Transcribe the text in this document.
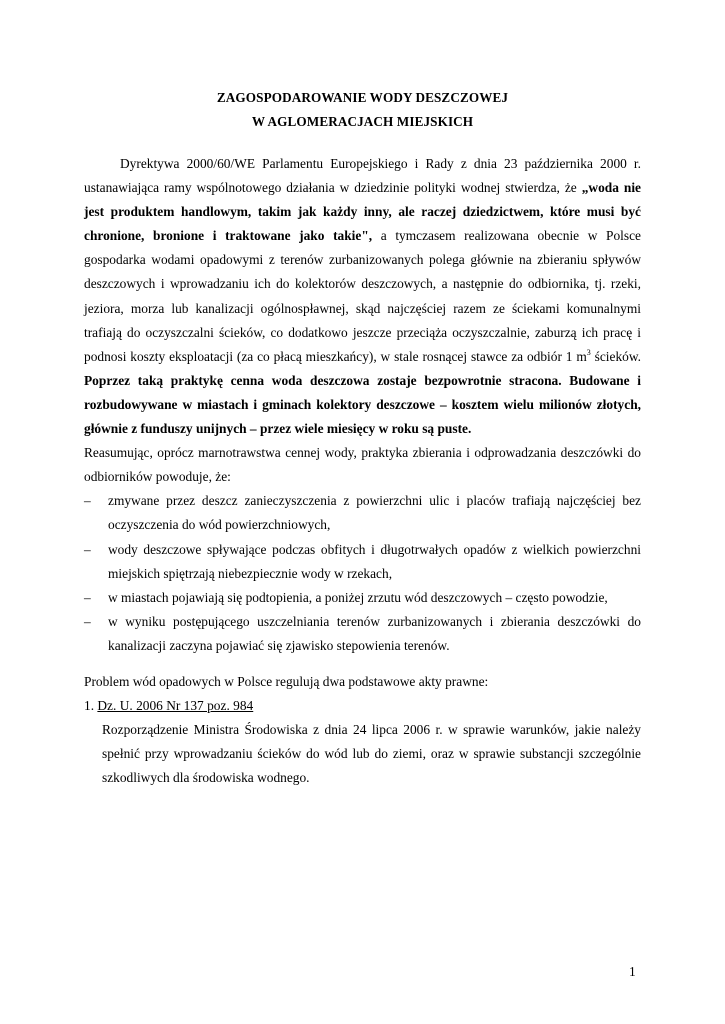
ZAGOSPODAROWANIE WODY DESZCZOWEJ
W AGLOMERACJACH MIEJSKICH

Dyrektywa 2000/60/WE Parlamentu Europejskiego i Rady z dnia 23 października 2000 r. ustanawiająca ramy wspólnotowego działania w dziedzinie polityki wodnej stwierdza, że „woda nie jest produktem handlowym, takim jak każdy inny, ale raczej dziedzictwem, które musi być chronione, bronione i traktowane jako takie", a tymczasem realizowana obecnie w Polsce gospodarka wodami opadowymi z terenów zurbanizowanych polega głównie na zbieraniu spływów deszczowych i wprowadzaniu ich do kolektorów deszczowych, a następnie do odbiornika, tj. rzeki, jeziora, morza lub kanalizacji ogólnospławnej, skąd najczęściej razem ze ściekami komunalnymi trafiają do oczyszczalni ścieków, co dodatkowo jeszcze przeciąża oczyszczalnie, zaburzą ich pracę i podnosi koszty eksploatacji (za co płacą mieszkańcy), w stale rosnącej stawce za odbiór 1 $m^3$ ścieków. Poprzez taką praktykę cenna woda deszczowa zostaje bezpowrotnie stracona. Budowane i rozbudowywane w miastach i gminach kolektory deszczowe – kosztem wielu milionów złotych, głównie z funduszy unijnych – przez wiele miesięcy w roku są puste.

Reasumując, oprócz marnotrawstwa cennej wody, praktyka zbierania i odprowadzania deszczówki do odbiorników powoduje, że:

– zmywane przez deszcz zanieczyszczenia z powierzchni ulic i placów trafiają najczęściej bez oczyszczenia do wód powierzchniowych,
– wody deszczowe spływające podczas obfitych i długotrwałych opadów z wielkich powierzchni miejskich spiętrzają niebezpiecznie wody w rzekach,
– w miastach pojawiają się podtopienia, a poniżej zrzutu wód deszczowych – często powodzie,
– w wyniku postępującego uszczelniania terenów zurbanizowanych i zbierania deszczówki do kanalizacji zaczyna pojawiać się zjawisko stepowienia terenów.

Problem wód opadowych w Polsce regulują dwa podstawowe akty prawne:

1. Dz. U. 2006 Nr 137 poz. 984

Rozporządzenie Ministra Środowiska z dnia 24 lipca 2006 r. w sprawie warunków, jakie należy spełnić przy wprowadzaniu ścieków do wód lub do ziemi, oraz w sprawie substancji szczególnie szkodliwych dla środowiska wodnego.

1
